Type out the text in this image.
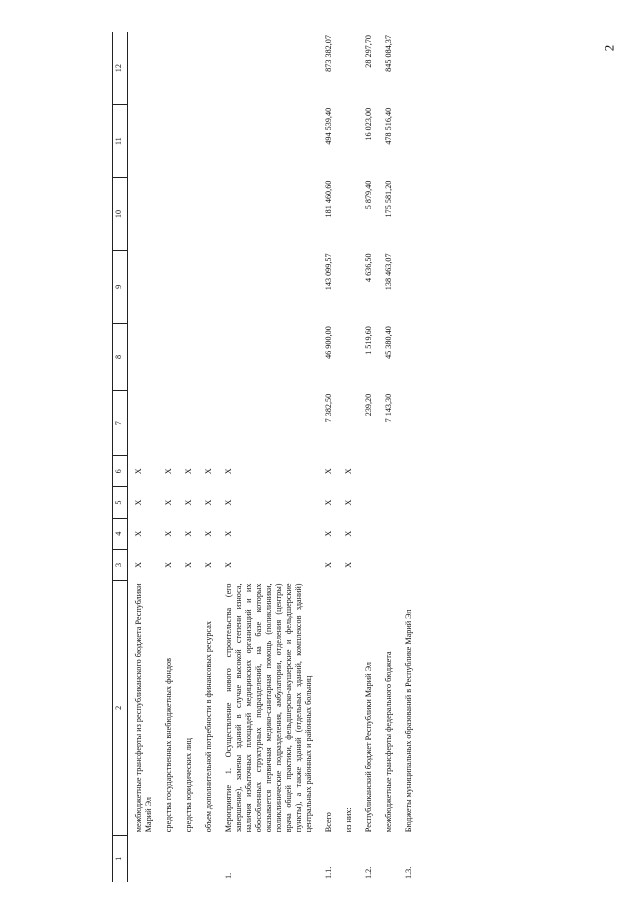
2
1	2	3	4	5	6	7	8	9	10	11	12
	межбюджетные трансферты из республиканского бюджета Республики Марий Эл	X	X	X	X						
	средства государственных внебюджетных фондов	X	X	X	X						
	средства юридических лиц	X	X	X	X						
	объем дополнительной потребности в финансовых ресурсах	X	X	X	X						
1.	Мероприятие 1. Осуществление нового строительства (его завершение), замены зданий в случае высокой степени износа, наличия избыточных площадей медицинских организаций и их обособленных структурных подразделений, на базе которых оказывается первичная медико-санитарная помощь (поликлиники, поликлинические подразделения, амбулатории, отделения (центры) врача общей практики, фельдшерско-акушерские и фельдшерские пункты), а также зданий (отдельных зданий, комплексов зданий) центральных районных и районных больниц	X	X	X	X						
1.1.	Всего	X	X	X	X	7 382,50	46 900,00	143 099,57	181 460,60	494 539,40	873 382,07
	из них:	X	X	X	X						
1.2.	Республиканский бюджет Республики Марий Эл					239,20	1 519,60	4 636,50	5 879,40	16 023,00	28 297,70
	межбюджетные трансферты федерального бюджета					7 143,30	45 380,40	138 463,07	175 581,20	478 516,40	845 084,37
1.3.	Бюджеты муниципальных образований в Республике Марий Эл										
